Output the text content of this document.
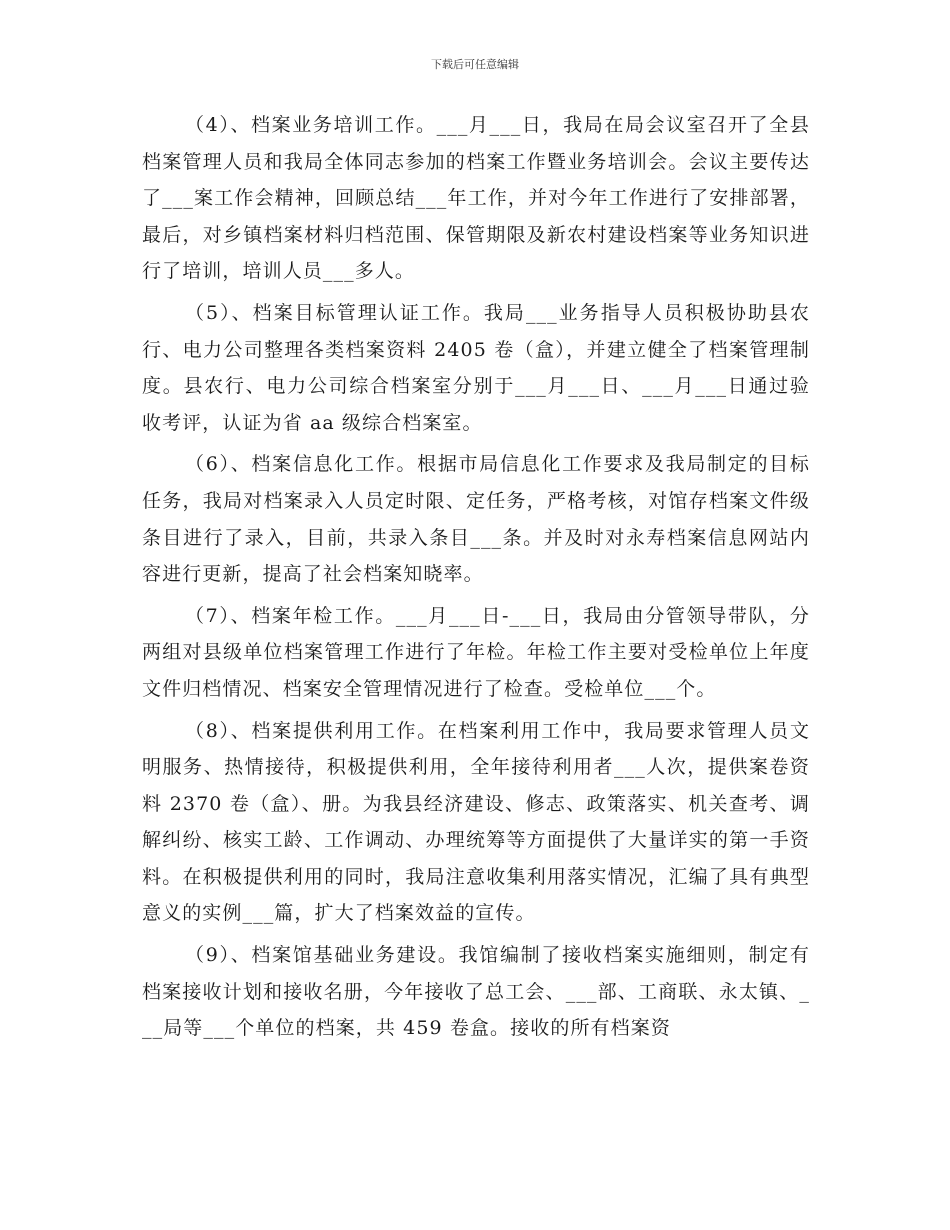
下载后可任意编辑

（4）、档案业务培训工作。___月___日，我局在局会议室召开了全县档案管理人员和我局全体同志参加的档案工作暨业务培训会。会议主要传达了___案工作会精神，回顾总结___年工作，并对今年工作进行了安排部署，最后，对乡镇档案材料归档范围、保管期限及新农村建设档案等业务知识进行了培训，培训人员___多人。

（5）、档案目标管理认证工作。我局___业务指导人员积极协助县农行、电力公司整理各类档案资料 2405 卷（盒），并建立健全了档案管理制度。县农行、电力公司综合档案室分别于___月___日、___月___日通过验收考评，认证为省 aa 级综合档案室。

（6）、档案信息化工作。根据市局信息化工作要求及我局制定的目标任务，我局对档案录入人员定时限、定任务，严格考核，对馆存档案文件级条目进行了录入，目前，共录入条目___条。并及时对永寿档案信息网站内容进行更新，提高了社会档案知晓率。

（7）、档案年检工作。___月___日-___日，我局由分管领导带队，分两组对县级单位档案管理工作进行了年检。年检工作主要对受检单位上年度文件归档情况、档案安全管理情况进行了检查。受检单位___个。

（8）、档案提供利用工作。在档案利用工作中，我局要求管理人员文明服务、热情接待，积极提供利用，全年接待利用者___人次，提供案卷资料 2370 卷（盒）、册。为我县经济建设、修志、政策落实、机关查考、调解纠纷、核实工龄、工作调动、办理统筹等方面提供了大量详实的第一手资料。在积极提供利用的同时，我局注意收集利用落实情况，汇编了具有典型意义的实例___篇，扩大了档案效益的宣传。

（9）、档案馆基础业务建设。我馆编制了接收档案实施细则，制定有档案接收计划和接收名册，今年接收了总工会、___部、工商联、永太镇、___局等___个单位的档案，共 459 卷盒。接收的所有档案资
